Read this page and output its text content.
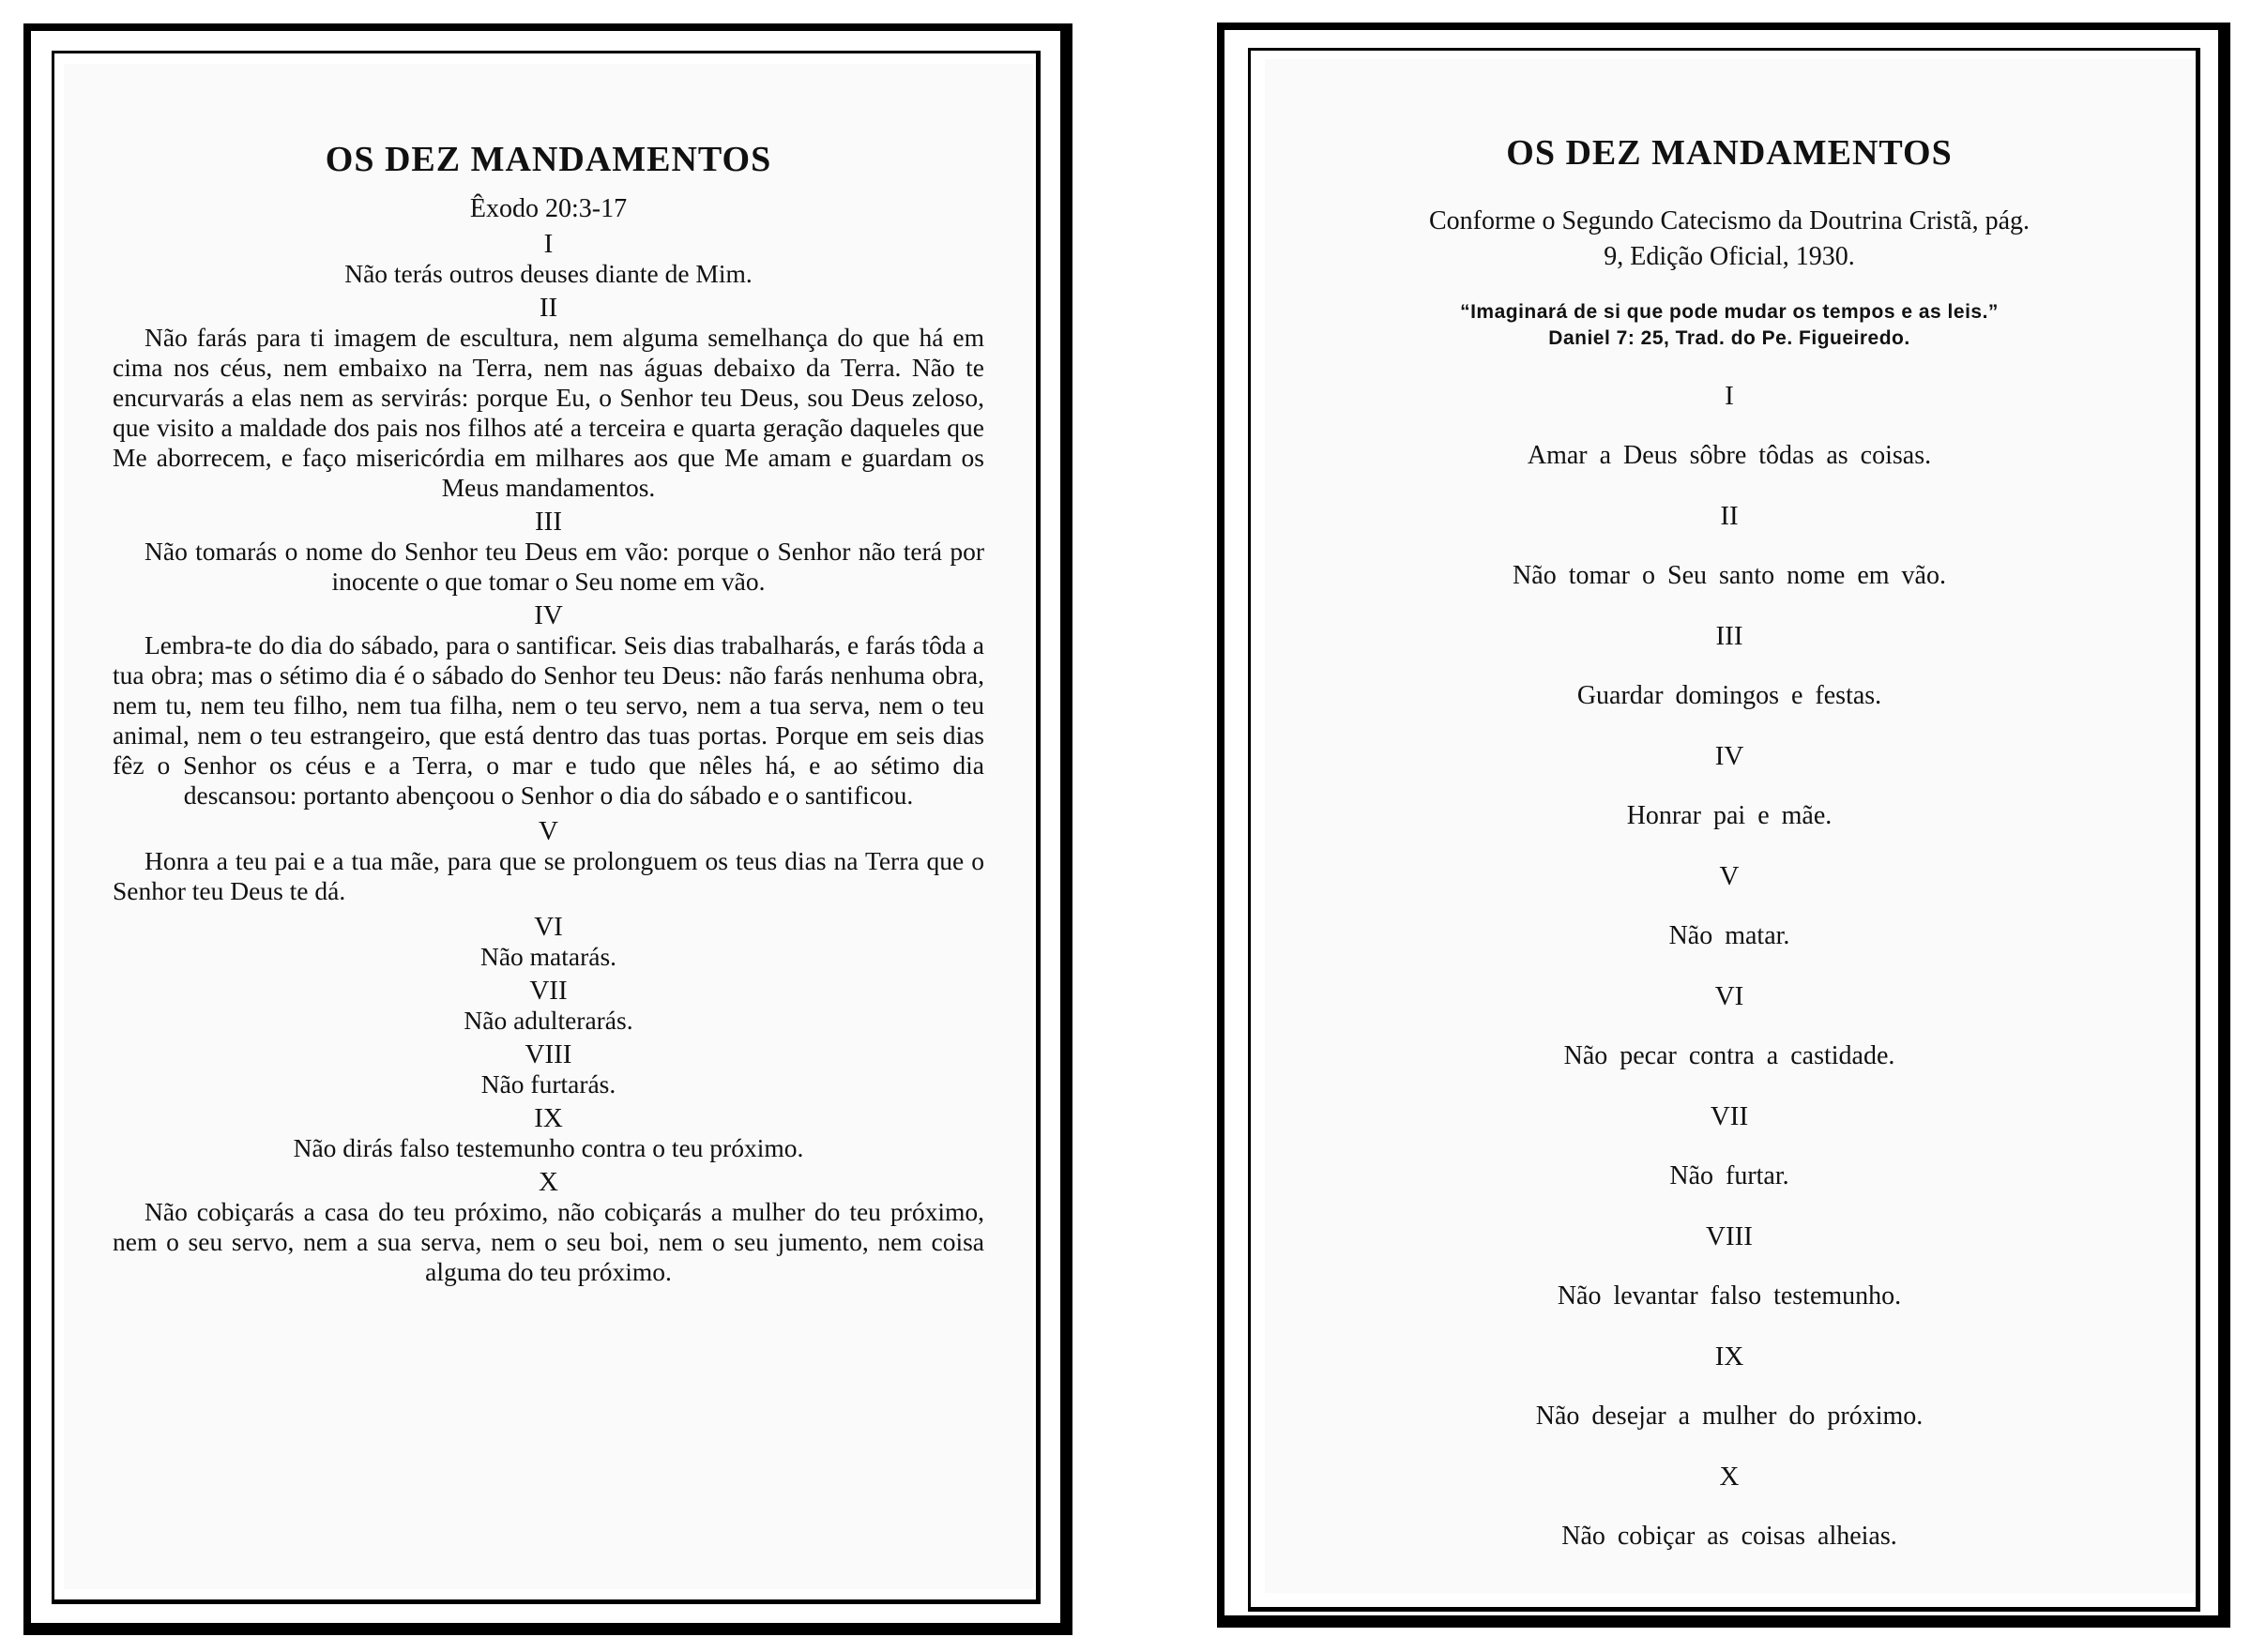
OS DEZ MANDAMENTOS
Êxodo 20:3-17
I
Não terás outros deuses diante de Mim.
II
Não farás para ti imagem de escultura, nem alguma semelhança do que há em cima nos céus, nem embaixo na Terra, nem nas águas debaixo da Terra. Não te encurvarás a elas nem as servirás: porque Eu, o Senhor teu Deus, sou Deus zeloso, que visito a maldade dos pais nos filhos até a terceira e quarta geração daqueles que Me aborrecem, e faço misericórdia em milhares aos que Me amam e guardam os Meus mandamentos.
III
Não tomarás o nome do Senhor teu Deus em vão: porque o Senhor não terá por inocente o que tomar o Seu nome em vão.
IV
Lembra-te do dia do sábado, para o santificar. Seis dias trabalharás, e farás tôda a tua obra; mas o sétimo dia é o sábado do Senhor teu Deus: não farás nenhuma obra, nem tu, nem teu filho, nem tua filha, nem o teu servo, nem a tua serva, nem o teu animal, nem o teu estrangeiro, que está dentro das tuas portas. Porque em seis dias fêz o Senhor os céus e a Terra, o mar e tudo que nêles há, e ao sétimo dia descansou: portanto abençoou o Senhor o dia do sábado e o santificou.
V
Honra a teu pai e a tua mãe, para que se prolonguem os teus dias na Terra que o Senhor teu Deus te dá.
VI
Não matarás.
VII
Não adulterarás.
VIII
Não furtarás.
IX
Não dirás falso testemunho contra o teu próximo.
X
Não cobiçarás a casa do teu próximo, não cobiçarás a mulher do teu próximo, nem o seu servo, nem a sua serva, nem o seu boi, nem o seu jumento, nem coisa alguma do teu próximo.
OS DEZ MANDAMENTOS
Conforme o Segundo Catecismo da Doutrina Cristã, pág.
9, Edição Oficial, 1930.
“Imaginará de si que pode mudar os tempos e as leis.”
Daniel 7: 25, Trad. do Pe. Figueiredo.
I
Amar a Deus sôbre tôdas as coisas.
II
Não tomar o Seu santo nome em vão.
III
Guardar domingos e festas.
IV
Honrar pai e mãe.
V
Não matar.
VI
Não pecar contra a castidade.
VII
Não furtar.
VIII
Não levantar falso testemunho.
IX
Não desejar a mulher do próximo.
X
Não cobiçar as coisas alheias.
